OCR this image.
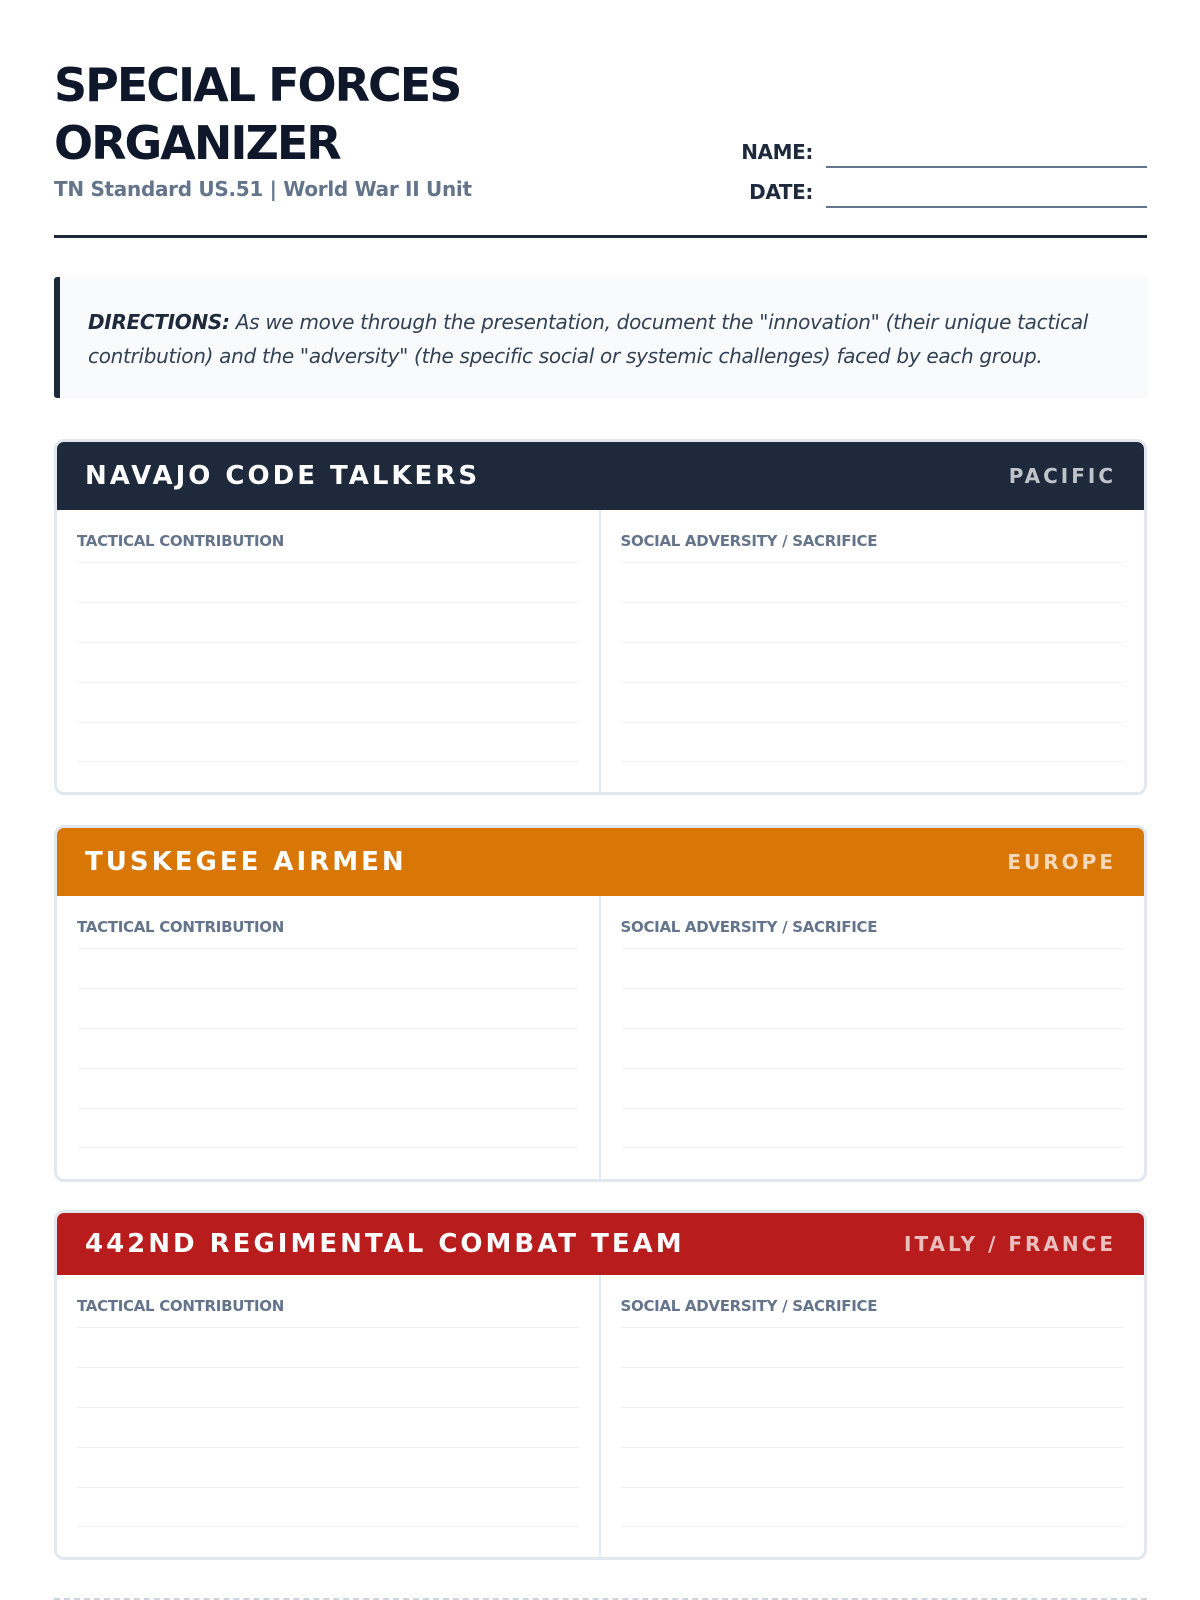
SPECIAL FORCES
ORGANIZER
TN Standard US.51 | World War II Unit
NAME:
DATE:

DIRECTIONS: As we move through the presentation, document the "innovation" (their unique tactical contribution) and the "adversity" (the specific social or systemic challenges) faced by each group.

NAVAJO CODE TALKERS	PACIFIC
TACTICAL CONTRIBUTION	SOCIAL ADVERSITY / SACRIFICE
TUSKEGEE AIRMEN	EUROPE
TACTICAL CONTRIBUTION	SOCIAL ADVERSITY / SACRIFICE
442ND REGIMENTAL COMBAT TEAM	ITALY / FRANCE
TACTICAL CONTRIBUTION	SOCIAL ADVERSITY / SACRIFICE
